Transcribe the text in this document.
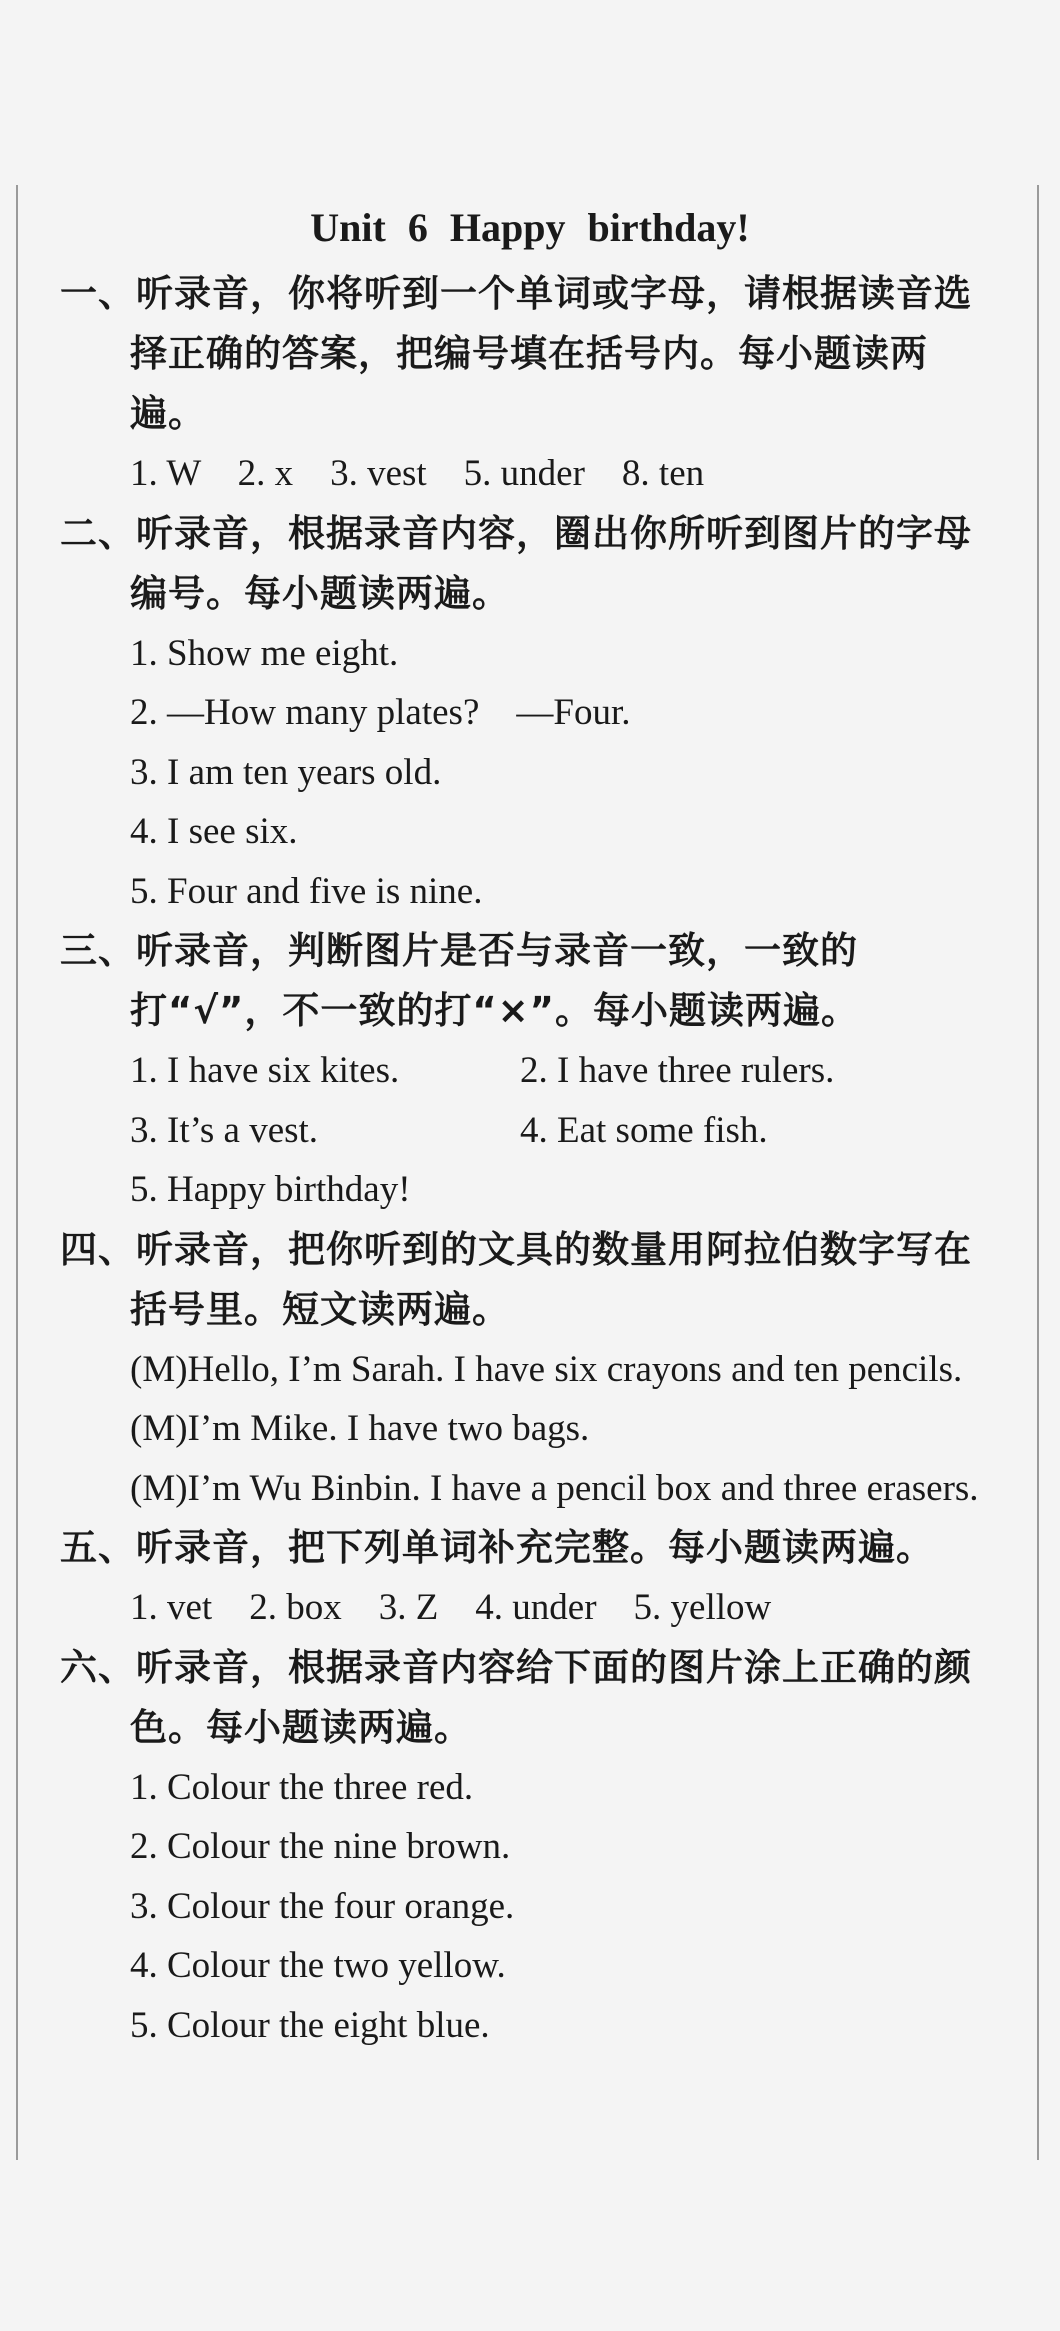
Unit 6 Happy birthday!
一、听录音，你将听到一个单词或字母，请根据读音选择正确的答案，把编号填在括号内。每小题读两遍。
1. W    2. x    3. vest    5. under    8. ten
二、听录音，根据录音内容，圈出你所听到图片的字母编号。每小题读两遍。
1. Show me eight.
2. —How many plates?    —Four.
3. I am ten years old.
4. I see six.
5. Four and five is nine.
三、听录音，判断图片是否与录音一致，一致的打“√”，不一致的打“×”。每小题读两遍。
1. I have six kites.	2. I have three rulers.
3. It’s a vest.	4. Eat some fish.
5. Happy birthday!
四、听录音，把你听到的文具的数量用阿拉伯数字写在括号里。短文读两遍。
(M)Hello, I’m Sarah. I have six crayons and ten pencils.
(M)I’m Mike. I have two bags.
(M)I’m Wu Binbin. I have a pencil box and three erasers.
五、听录音，把下列单词补充完整。每小题读两遍。
1. vet    2. box    3. Z    4. under    5. yellow
六、听录音，根据录音内容给下面的图片涂上正确的颜色。每小题读两遍。
1. Colour the three red.
2. Colour the nine brown.
3. Colour the four orange.
4. Colour the two yellow.
5. Colour the eight blue.
